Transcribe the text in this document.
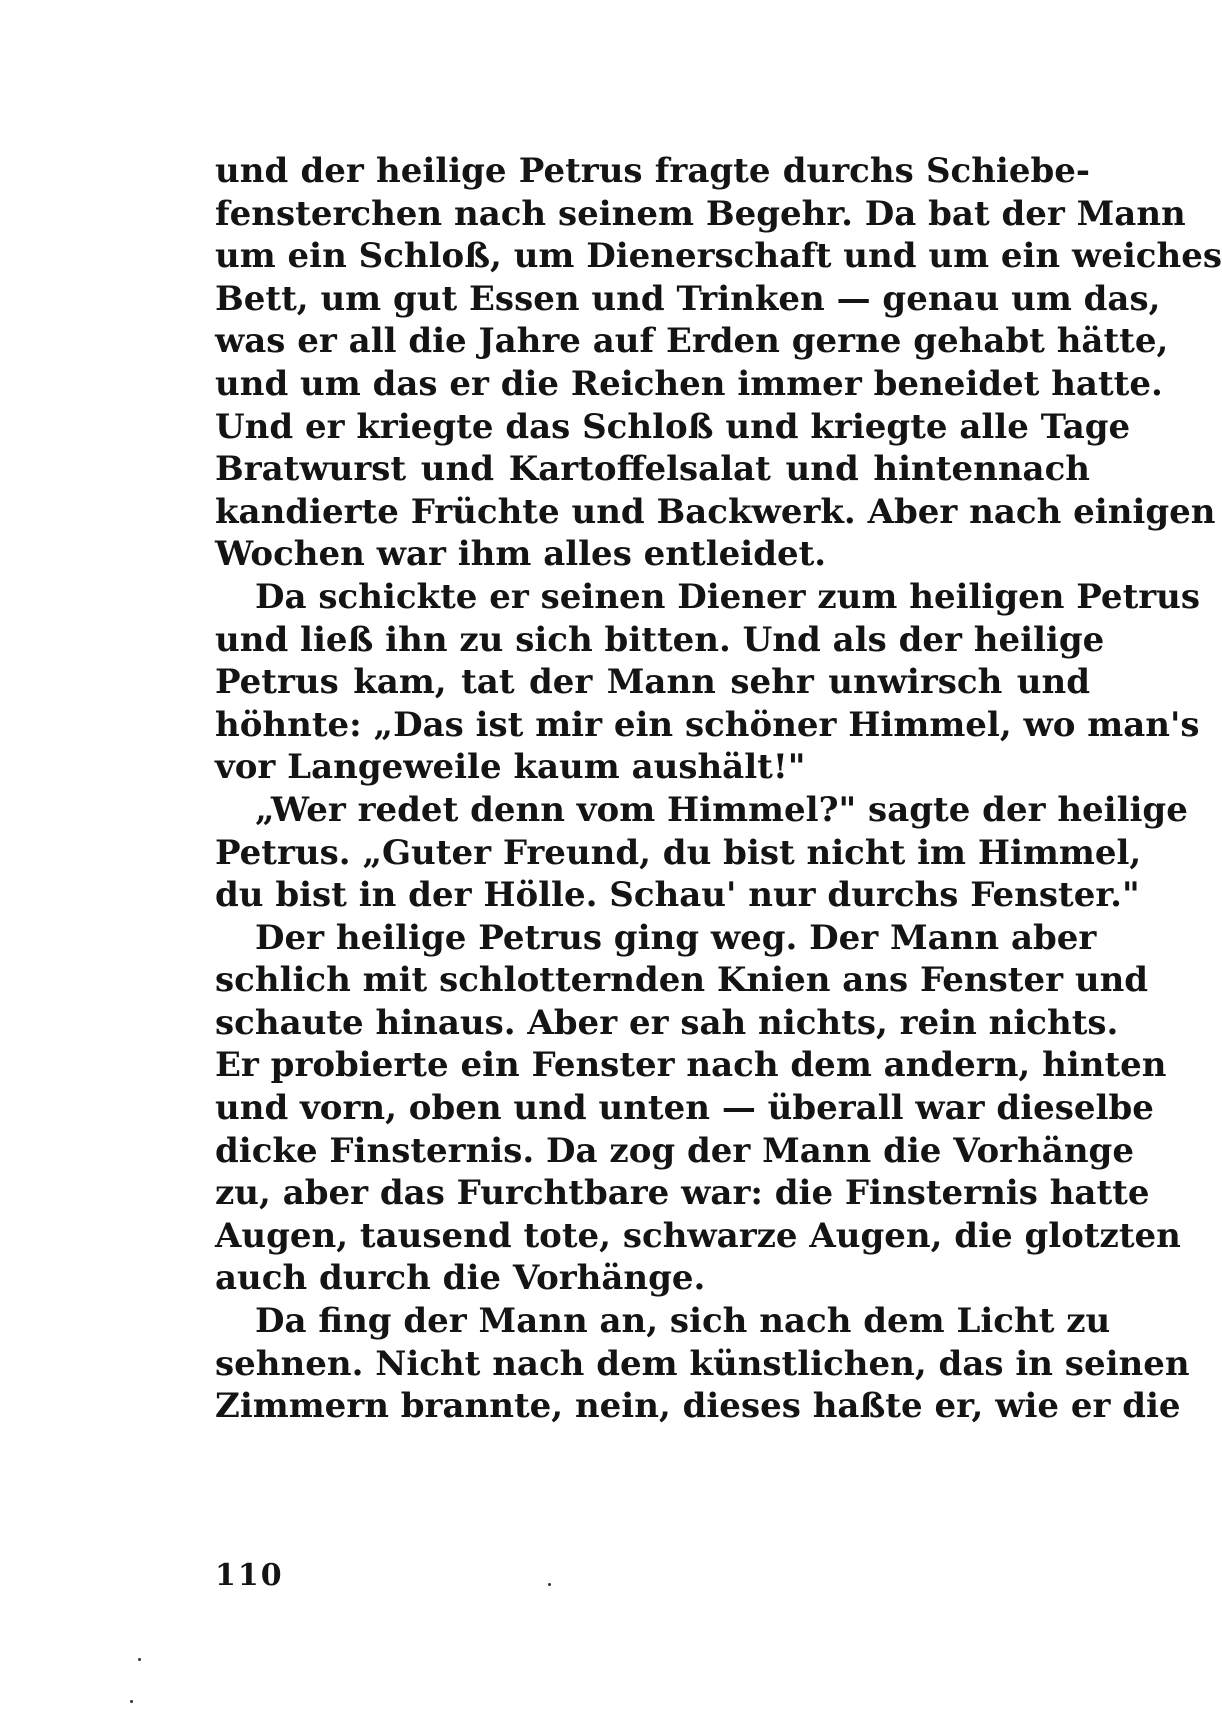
und der heilige Petrus fragte durchs Schiebe-
fensterchen nach seinem Begehr. Da bat der Mann
um ein Schloß, um Dienerschaft und um ein weiches
Bett, um gut Essen und Trinken — genau um das,
was er all die Jahre auf Erden gerne gehabt hätte,
und um das er die Reichen immer beneidet hatte.
Und er kriegte das Schloß und kriegte alle Tage
Bratwurst und Kartoffelsalat und hintennach
kandierte Früchte und Backwerk. Aber nach einigen
Wochen war ihm alles entleidet.
Da schickte er seinen Diener zum heiligen Petrus
und ließ ihn zu sich bitten. Und als der heilige
Petrus kam, tat der Mann sehr unwirsch und
höhnte: „Das ist mir ein schöner Himmel, wo man's
vor Langeweile kaum aushält!"
„Wer redet denn vom Himmel?" sagte der heilige
Petrus. „Guter Freund, du bist nicht im Himmel,
du bist in der Hölle. Schau' nur durchs Fenster."
Der heilige Petrus ging weg. Der Mann aber
schlich mit schlotternden Knien ans Fenster und
schaute hinaus. Aber er sah nichts, rein nichts.
Er probierte ein Fenster nach dem andern, hinten
und vorn, oben und unten — überall war dieselbe
dicke Finsternis. Da zog der Mann die Vorhänge
zu, aber das Furchtbare war: die Finsternis hatte
Augen, tausend tote, schwarze Augen, die glotzten
auch durch die Vorhänge.
Da fing der Mann an, sich nach dem Licht zu
sehnen. Nicht nach dem künstlichen, das in seinen
Zimmern brannte, nein, dieses haßte er, wie er die
110
